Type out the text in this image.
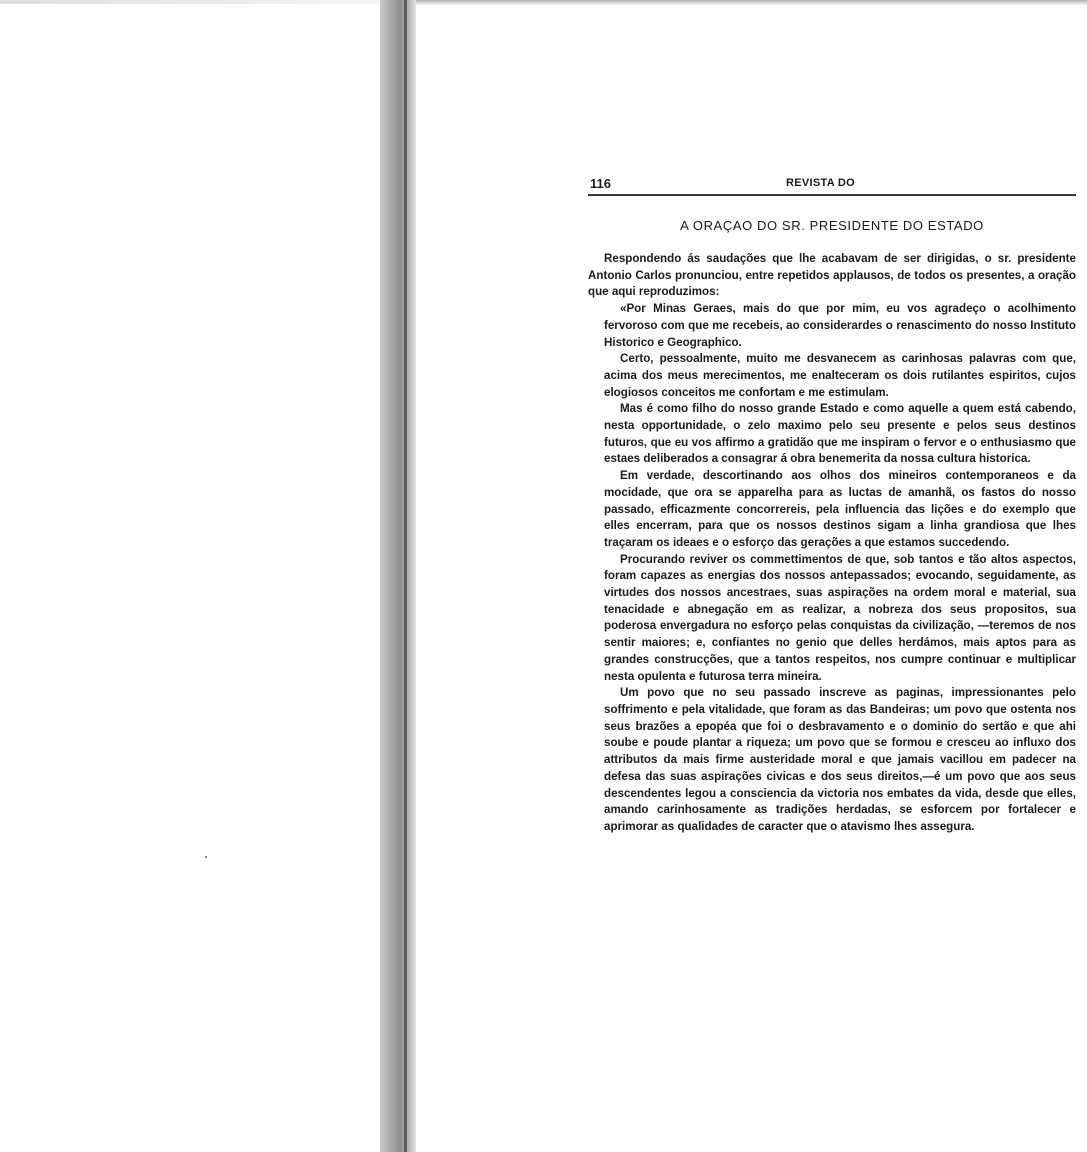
116	REVISTA DO
A ORAÇAO DO SR. PRESIDENTE DO ESTADO

Respondendo ás saudações que lhe acabavam de ser dirigidas, o sr. presidente Antonio Carlos pronunciou, entre repetidos applausos, de todos os presentes, a oração que aqui reproduzimos:

«Por Minas Geraes, mais do que por mim, eu vos agradeço o acolhimento fervoroso com que me recebeis, ao considerardes o renascimento do nosso Instituto Historico e Geographico.

Certo, pessoalmente, muito me desvanecem as carinhosas palavras com que, acima dos meus merecimentos, me enalteceram os dois rutilantes espiritos, cujos elogiosos conceitos me confortam e me estimulam.

Mas é como filho do nosso grande Estado e como aquelle a quem está cabendo, nesta opportunidade, o zelo maximo pelo seu presente e pelos seus destinos futuros, que eu vos affirmo a gratidão que me inspiram o fervor e o enthusiasmo que estaes deliberados a consagrar á obra benemerita da nossa cultura historica.

Em verdade, descortinando aos olhos dos mineiros contemporaneos e da mocidade, que ora se apparelha para as luctas de amanhã, os fastos do nosso passado, efficazmente concorrereis, pela influencia das lições e do exemplo que elles encerram, para que os nossos destinos sigam a linha grandiosa que lhes traçaram os ideaes e o esforço das gerações a que estamos succedendo.

Procurando reviver os commettimentos de que, sob tantos e tão altos aspectos, foram capazes as energias dos nossos antepassados; evocando, seguidamente, as virtudes dos nossos ancestraes, suas aspirações na ordem moral e material, sua tenacidade e abnegação em as realizar, a nobreza dos seus propositos, sua poderosa envergadura no esforço pelas conquistas da civilização, —teremos de nos sentir maiores; e, confiantes no genio que delles herdámos, mais aptos para as grandes construcções, que a tantos respeitos, nos cumpre continuar e multiplicar nesta opulenta e futurosa terra mineira.

Um povo que no seu passado inscreve as paginas, impressionantes pelo soffrimento e pela vitalidade, que foram as das Bandeiras; um povo que ostenta nos seus brazões a epopéa que foi o desbravamento e o dominio do sertão e que ahi soube e poude plantar a riqueza; um povo que se formou e cresceu ao influxo dos attributos da mais firme austeridade moral e que jamais vacillou em padecer na defesa das suas aspirações civicas e dos seus direitos,—é um povo que aos seus descendentes legou a consciencia da victoria nos embates da vida, desde que elles, amando carinhosamente as tradições herdadas, se esforcem por fortalecer e aprimorar as qualidades de caracter que o atavismo lhes assegura.
